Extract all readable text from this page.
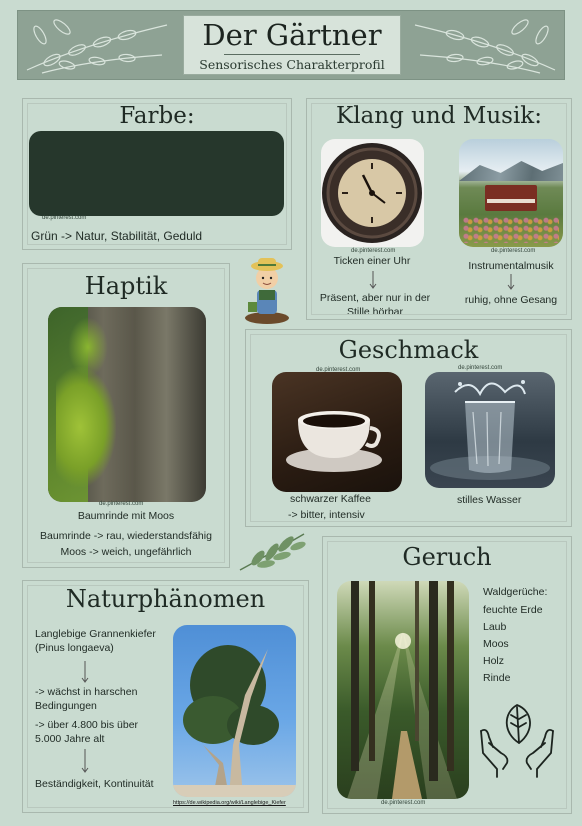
Der Gärtner
Sensorisches Charakterprofil
Farbe:
de.pinterest.com
Grün -> Natur, Stabilität, Geduld
Klang und Musik:
de.pinterest.com
Ticken einer Uhr
Präsent, aber nur in der Stille hörbar
de.pinterest.com
Instrumentalmusik
ruhig, ohne Gesang
Haptik
de.pinterest.com
Baumrinde mit Moos
Baumrinde -> rau, wiederstandsfähig
Moos -> weich, ungefährlich
Geschmack
de.pinterest.com
schwarzer Kaffee
-> bitter, intensiv
de.pinterest.com
stilles Wasser
Naturphänomen
Langlebige Grannenkiefer (Pinus longaeva)
-> wächst in harschen Bedingungen
-> über 4.800 bis über 5.000 Jahre alt
Beständigkeit, Kontinuität
https://de.wikipedia.org/wiki/Langlebige_Kiefer
Geruch
de.pinterest.com
Waldgerüche:
feuchte Erde
Laub
Moos
Holz
Rinde
